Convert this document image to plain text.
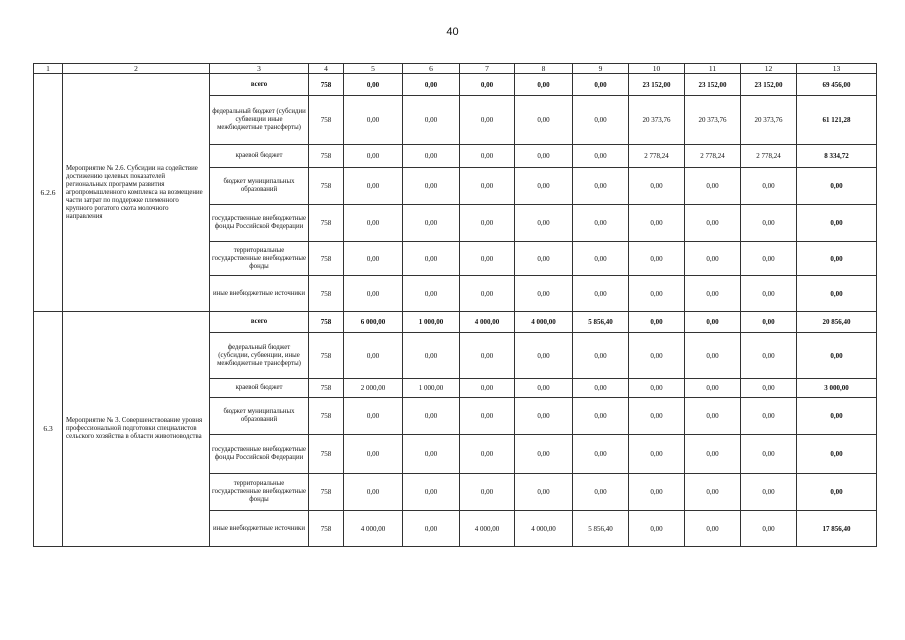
40
1	2	3	4	5	6	7	8	9	10	11	12	13
6.2.6	Мероприятие № 2.6. Субсидии на содействие достижению целевых показателей региональных программ развития агропромышленного комплекса на возмещение части затрат по поддержке племенного крупного рогатого скота молочного направления	всего	758	0,00	0,00	0,00	0,00	0,00	23 152,00	23 152,00	23 152,00	69 456,00
		федеральный бюджет (субсидии субвенции иные межбюджетные трансферты)	758	0,00	0,00	0,00	0,00	0,00	20 373,76	20 373,76	20 373,76	61 121,28
		краевой бюджет	758	0,00	0,00	0,00	0,00	0,00	2 778,24	2 778,24	2 778,24	8 334,72
		бюджет муниципальных образований	758	0,00	0,00	0,00	0,00	0,00	0,00	0,00	0,00	0,00
		государственные внебюджетные фонды Российской Федерации	758	0,00	0,00	0,00	0,00	0,00	0,00	0,00	0,00	0,00
		территориальные государственные внебюджетные фонды	758	0,00	0,00	0,00	0,00	0,00	0,00	0,00	0,00	0,00
		иные внебюджетные источники	758	0,00	0,00	0,00	0,00	0,00	0,00	0,00	0,00	0,00
6.3	Мероприятие № 3. Совершенствование уровня профессиональной подготовки специалистов сельского хозяйства в области животноводства	всего	758	6 000,00	1 000,00	4 000,00	4 000,00	5 856,40	0,00	0,00	0,00	20 856,40
		федеральный бюджет (субсидии, субвенции, иные межбюджетные трансферты)	758	0,00	0,00	0,00	0,00	0,00	0,00	0,00	0,00	0,00
		краевой бюджет	758	2 000,00	1 000,00	0,00	0,00	0,00	0,00	0,00	0,00	3 000,00
		бюджет муниципальных образований	758	0,00	0,00	0,00	0,00	0,00	0,00	0,00	0,00	0,00
		государственные внебюджетные фонды Российской Федерации	758	0,00	0,00	0,00	0,00	0,00	0,00	0,00	0,00	0,00
		территориальные государственные внебюджетные фонды	758	0,00	0,00	0,00	0,00	0,00	0,00	0,00	0,00	0,00
		иные внебюджетные источники	758	4 000,00	0,00	4 000,00	4 000,00	5 856,40	0,00	0,00	0,00	17 856,40
